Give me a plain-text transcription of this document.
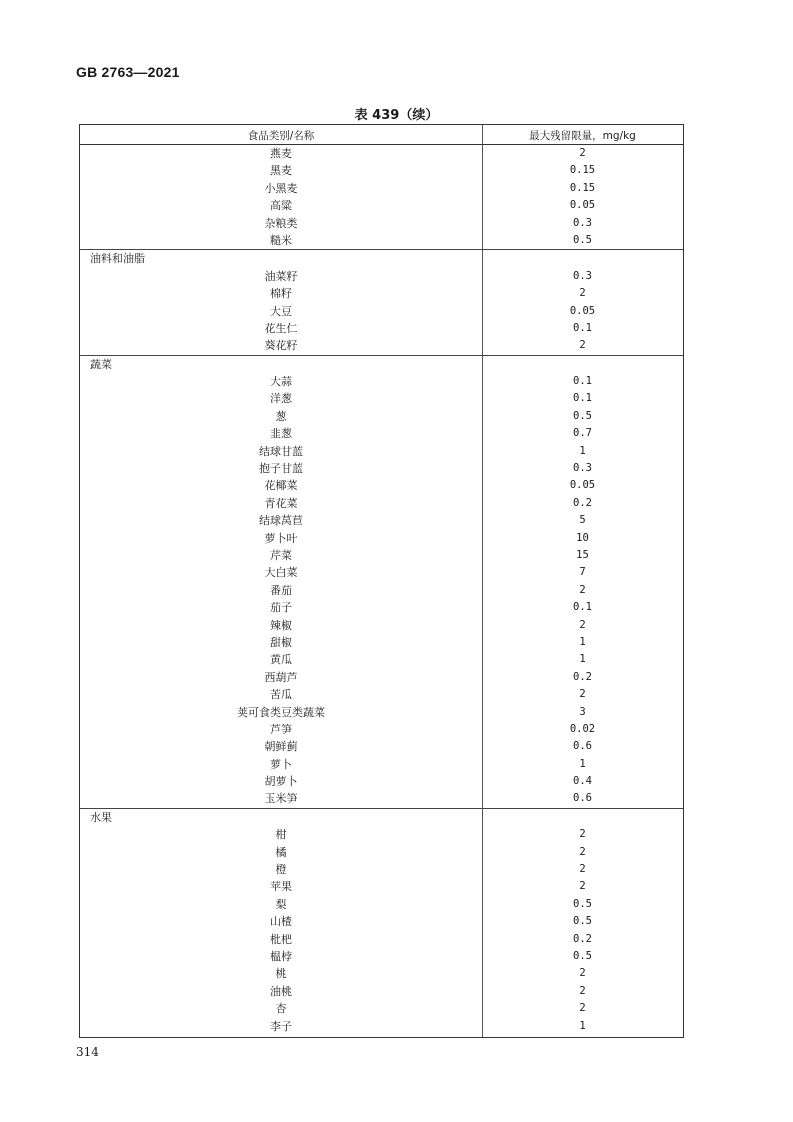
GB 2763—2021
表 439（续）
食品类别/名称	最大残留限量，mg/kg
燕麦	2
黑麦	0.15
小黑麦	0.15
高粱	0.05
杂粮类	0.3
糙米	0.5
油料和油脂
油菜籽	0.3
棉籽	2
大豆	0.05
花生仁	0.1
葵花籽	2
蔬菜
大蒜	0.1
洋葱	0.1
葱	0.5
韭葱	0.7
结球甘蓝	1
抱子甘蓝	0.3
花椰菜	0.05
青花菜	0.2
结球莴苣	5
萝卜叶	10
芹菜	15
大白菜	7
番茄	2
茄子	0.1
辣椒	2
甜椒	1
黄瓜	1
西葫芦	0.2
苦瓜	2
荚可食类豆类蔬菜	3
芦笋	0.02
朝鲜蓟	0.6
萝卜	1
胡萝卜	0.4
玉米笋	0.6
水果
柑	2
橘	2
橙	2
苹果	2
梨	0.5
山楂	0.5
枇杷	0.2
榅桲	0.5
桃	2
油桃	2
杏	2
李子	1
314
